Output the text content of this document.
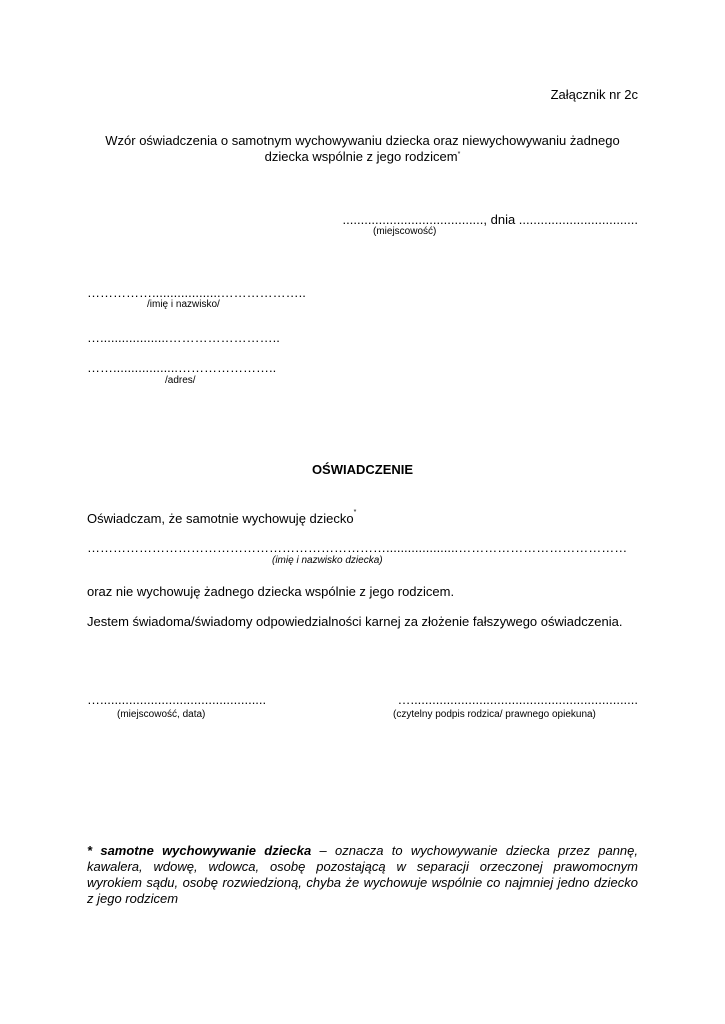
Załącznik nr 2c
Wzór oświadczenia o samotnym wychowywaniu dziecka oraz niewychowywaniu żadnego
dziecka wspólnie z jego rodzicem*
......................................., dnia .................................
(miejscowość)
……………...................………………..
/imię i nazwisko/
…...................……………………..
……..................…………………..
/adres/
OŚWIADCZENIE
Oświadczam, że samotnie wychowuję dziecko*
……………………………………………………………....................…………………………………
(imię i nazwisko dziecka)
oraz nie wychowuję żadnego dziecka wspólnie z jego rodzicem.
Jestem świadoma/świadomy odpowiedzialności karnej za złożenie fałszywego oświadczenia.
…..............................................
(miejscowość, data)
…...............................................................
(czytelny podpis rodzica/ prawnego opiekuna)
* samotne wychowywanie dziecka – oznacza to wychowywanie dziecka przez pannę, kawalera, wdowę, wdowca, osobę pozostającą w separacji orzeczonej prawomocnym wyrokiem sądu, osobę rozwiedzioną, chyba że wychowuje wspólnie co najmniej jedno dziecko z jego rodzicem
